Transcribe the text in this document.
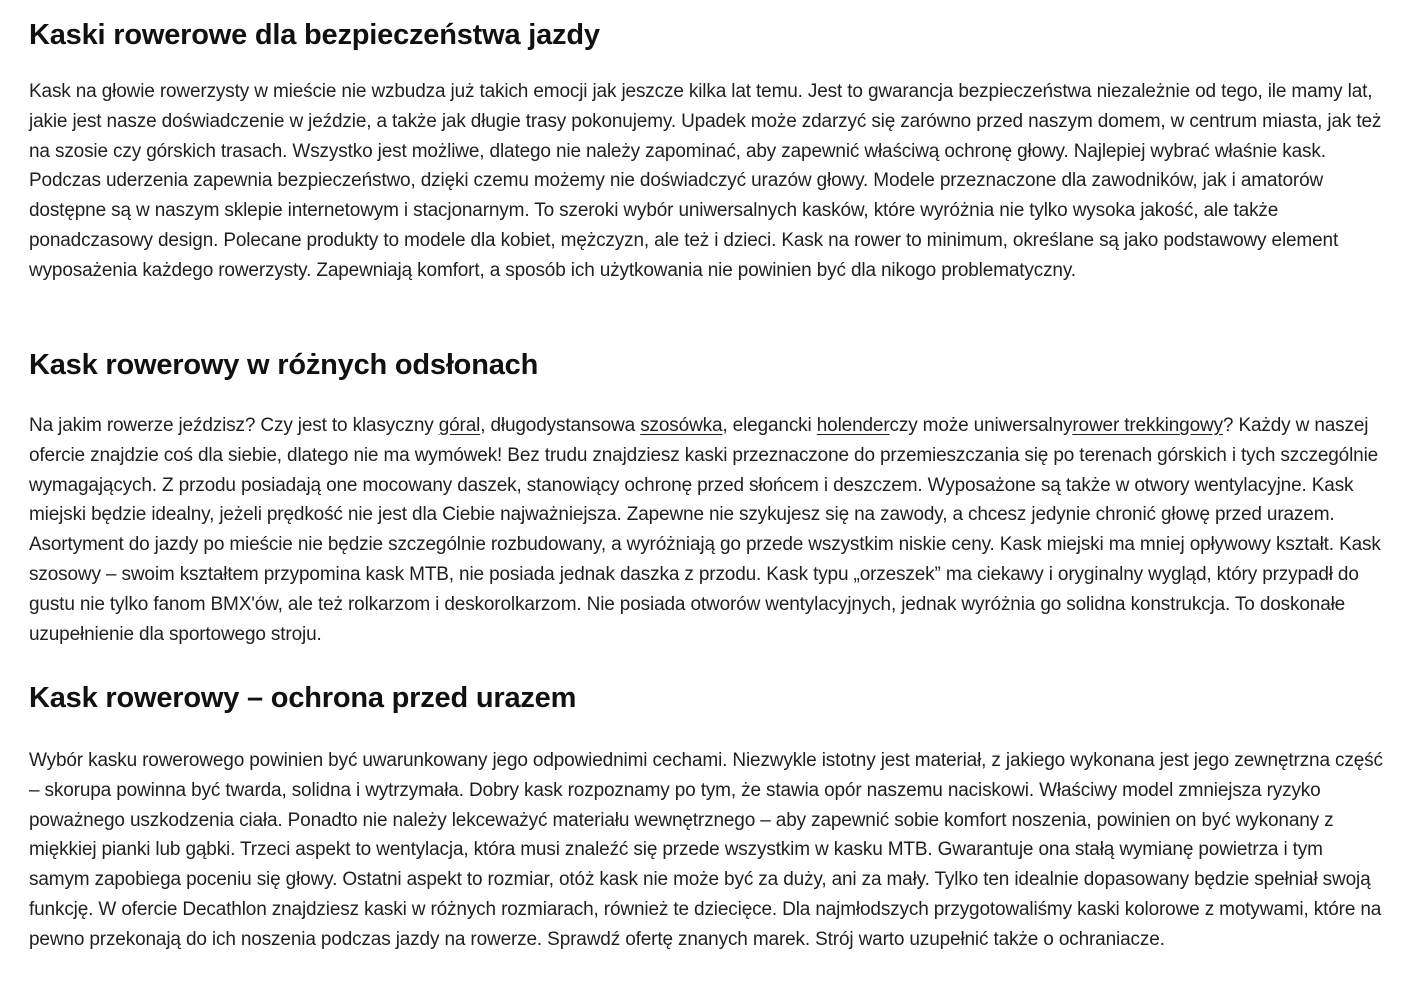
Kaski rowerowe dla bezpieczeństwa jazdy

Kask na głowie rowerzysty w mieście nie wzbudza już takich emocji jak jeszcze kilka lat temu. Jest to gwarancja bezpieczeństwa niezależnie od tego, ile mamy lat, jakie jest nasze doświadczenie w jeździe, a także jak długie trasy pokonujemy. Upadek może zdarzyć się zarówno przed naszym domem, w centrum miasta, jak też na szosie czy górskich trasach. Wszystko jest możliwe, dlatego nie należy zapominać, aby zapewnić właściwą ochronę głowy. Najlepiej wybrać właśnie kask. Podczas uderzenia zapewnia bezpieczeństwo, dzięki czemu możemy nie doświadczyć urazów głowy. Modele przeznaczone dla zawodników, jak i amatorów dostępne są w naszym sklepie internetowym i stacjonarnym. To szeroki wybór uniwersalnych kasków, które wyróżnia nie tylko wysoka jakość, ale także ponadczasowy design. Polecane produkty to modele dla kobiet, mężczyzn, ale też i dzieci. Kask na rower to minimum, określane są jako podstawowy element wyposażenia każdego rowerzysty. Zapewniają komfort, a sposób ich użytkowania nie powinien być dla nikogo problematyczny.

Kask rowerowy w różnych odsłonach

Na jakim rowerze jeździsz? Czy jest to klasyczny góral, długodystansowa szosówka, elegancki holenderczy może uniwersalnyrower trekkingowy? Każdy w naszej ofercie znajdzie coś dla siebie, dlatego nie ma wymówek! Bez trudu znajdziesz kaski przeznaczone do przemieszczania się po terenach górskich i tych szczególnie wymagających. Z przodu posiadają one mocowany daszek, stanowiący ochronę przed słońcem i deszczem. Wyposażone są także w otwory wentylacyjne. Kask miejski będzie idealny, jeżeli prędkość nie jest dla Ciebie najważniejsza. Zapewne nie szykujesz się na zawody, a chcesz jedynie chronić głowę przed urazem. Asortyment do jazdy po mieście nie będzie szczególnie rozbudowany, a wyróżniają go przede wszystkim niskie ceny. Kask miejski ma mniej opływowy kształt. Kask szosowy – swoim kształtem przypomina kask MTB, nie posiada jednak daszka z przodu. Kask typu „orzeszek” ma ciekawy i oryginalny wygląd, który przypadł do gustu nie tylko fanom BMX'ów, ale też rolkarzom i deskorolkarzom. Nie posiada otworów wentylacyjnych, jednak wyróżnia go solidna konstrukcja. To doskonałe uzupełnienie dla sportowego stroju.

Kask rowerowy – ochrona przed urazem

Wybór kasku rowerowego powinien być uwarunkowany jego odpowiednimi cechami. Niezwykle istotny jest materiał, z jakiego wykonana jest jego zewnętrzna część – skorupa powinna być twarda, solidna i wytrzymała. Dobry kask rozpoznamy po tym, że stawia opór naszemu naciskowi. Właściwy model zmniejsza ryzyko poważnego uszkodzenia ciała. Ponadto nie należy lekceważyć materiału wewnętrznego – aby zapewnić sobie komfort noszenia, powinien on być wykonany z miękkiej pianki lub gąbki. Trzeci aspekt to wentylacja, która musi znaleźć się przede wszystkim w kasku MTB. Gwarantuje ona stałą wymianę powietrza i tym samym zapobiega poceniu się głowy. Ostatni aspekt to rozmiar, otóż kask nie może być za duży, ani za mały. Tylko ten idealnie dopasowany będzie spełniał swoją funkcję. W ofercie Decathlon znajdziesz kaski w różnych rozmiarach, również te dziecięce. Dla najmłodszych przygotowaliśmy kaski kolorowe z motywami, które na pewno przekonają do ich noszenia podczas jazdy na rowerze. Sprawdź ofertę znanych marek. Strój warto uzupełnić także o ochraniacze.
